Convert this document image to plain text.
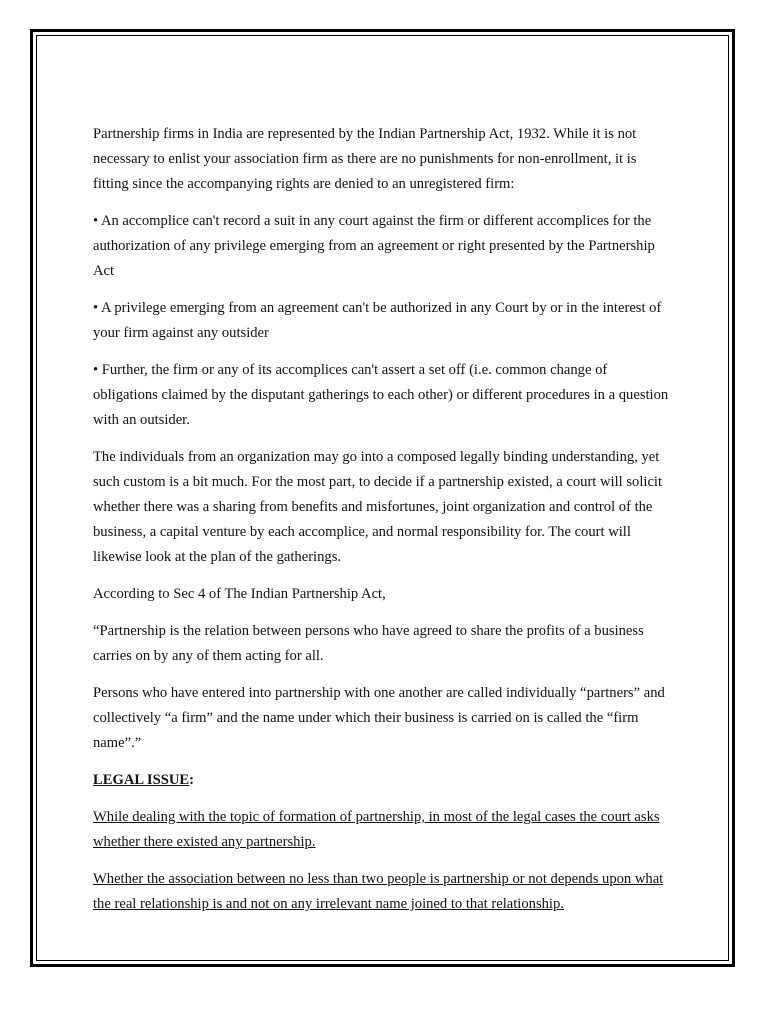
Partnership firms in India are represented by the Indian Partnership Act, 1932. While it is not necessary to enlist your association firm as there are no punishments for non-enrollment, it is fitting since the accompanying rights are denied to an unregistered firm:

• An accomplice can't record a suit in any court against the firm or different accomplices for the authorization of any privilege emerging from an agreement or right presented by the Partnership Act

• A privilege emerging from an agreement can't be authorized in any Court by or in the interest of your firm against any outsider

• Further, the firm or any of its accomplices can't assert a set off (i.e. common change of obligations claimed by the disputant gatherings to each other) or different procedures in a question with an outsider.

The individuals from an organization may go into a composed legally binding understanding, yet such custom is a bit much. For the most part, to decide if a partnership existed, a court will solicit whether there was a sharing from benefits and misfortunes, joint organization and control of the business, a capital venture by each accomplice, and normal responsibility for. The court will likewise look at the plan of the gatherings.

According to Sec 4 of The Indian Partnership Act,

“Partnership is the relation between persons who have agreed to share the profits of a business carries on by any of them acting for all.

Persons who have entered into partnership with one another are called individually “partners” and collectively “a firm” and the name under which their business is carried on is called the “firm name”.”

LEGAL ISSUE:

While dealing with the topic of formation of partnership, in most of the legal cases the court asks whether there existed any partnership.

Whether the association between no less than two people is partnership or not depends upon what the real relationship is and not on any irrelevant name joined to that relationship.
